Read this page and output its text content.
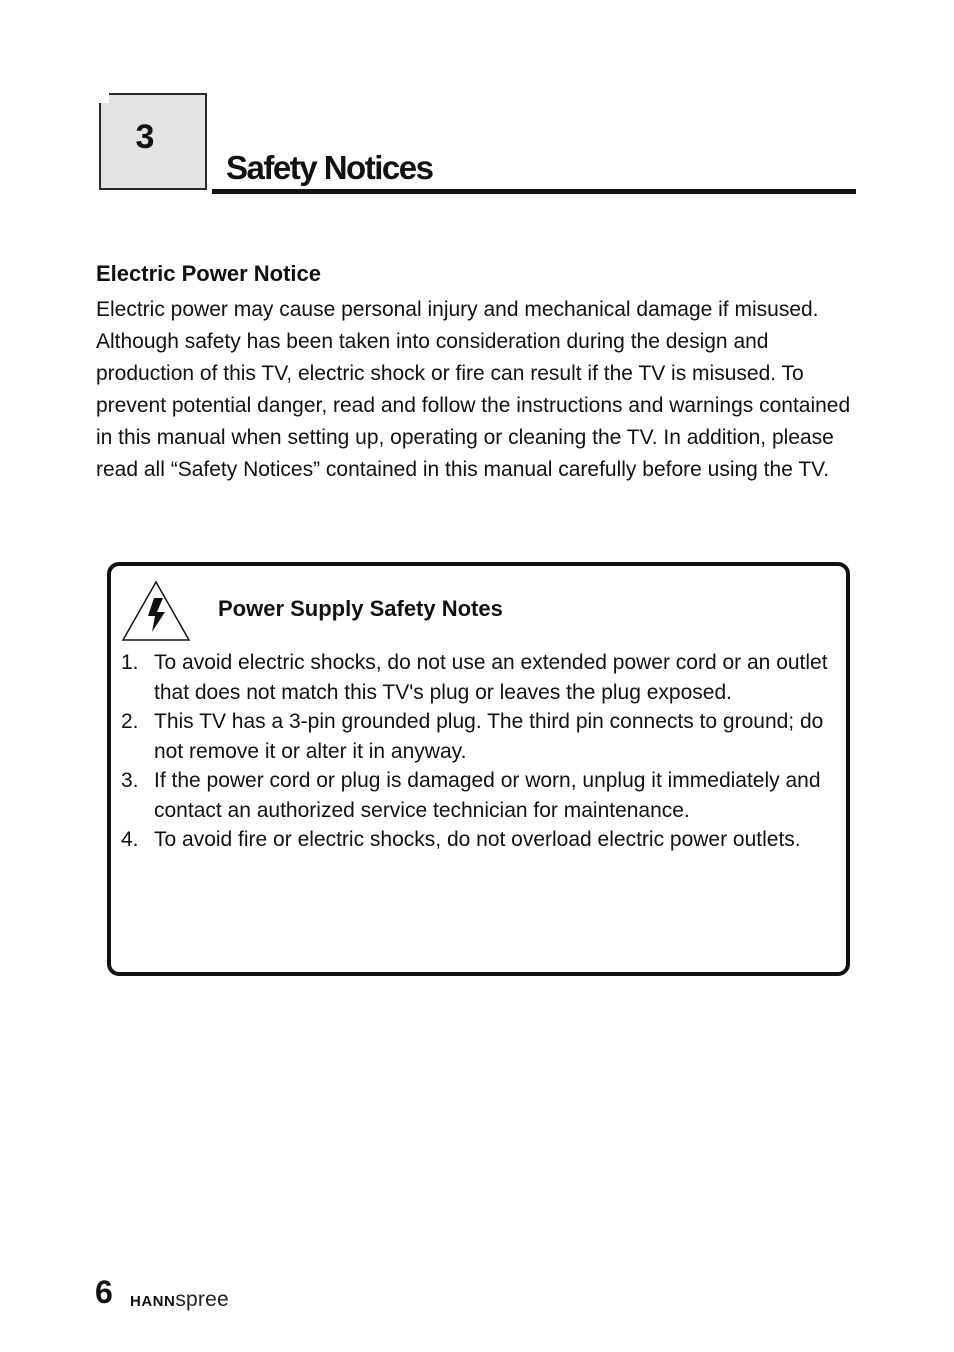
3
Safety Notices
Electric Power Notice

Electric power may cause personal injury and mechanical damage if misused. Although safety has been taken into consideration during the design and production of this TV, electric shock or fire can result if the TV is misused. To prevent potential danger, read and follow the instructions and warnings contained in this manual when setting up, operating or cleaning the TV. In addition, please read all “Safety Notices” contained in this manual carefully before using the TV.

Power Supply Safety Notes
1. To avoid electric shocks, do not use an extended power cord or an outlet that does not match this TV's plug or leaves the plug exposed.
2. This TV has a 3-pin grounded plug. The third pin connects to ground; do not remove it or alter it in anyway.
3. If the power cord or plug is damaged or worn, unplug it immediately and contact an authorized service technician for maintenance.
4. To avoid fire or electric shocks, do not overload electric power outlets.
6 HANNspree
